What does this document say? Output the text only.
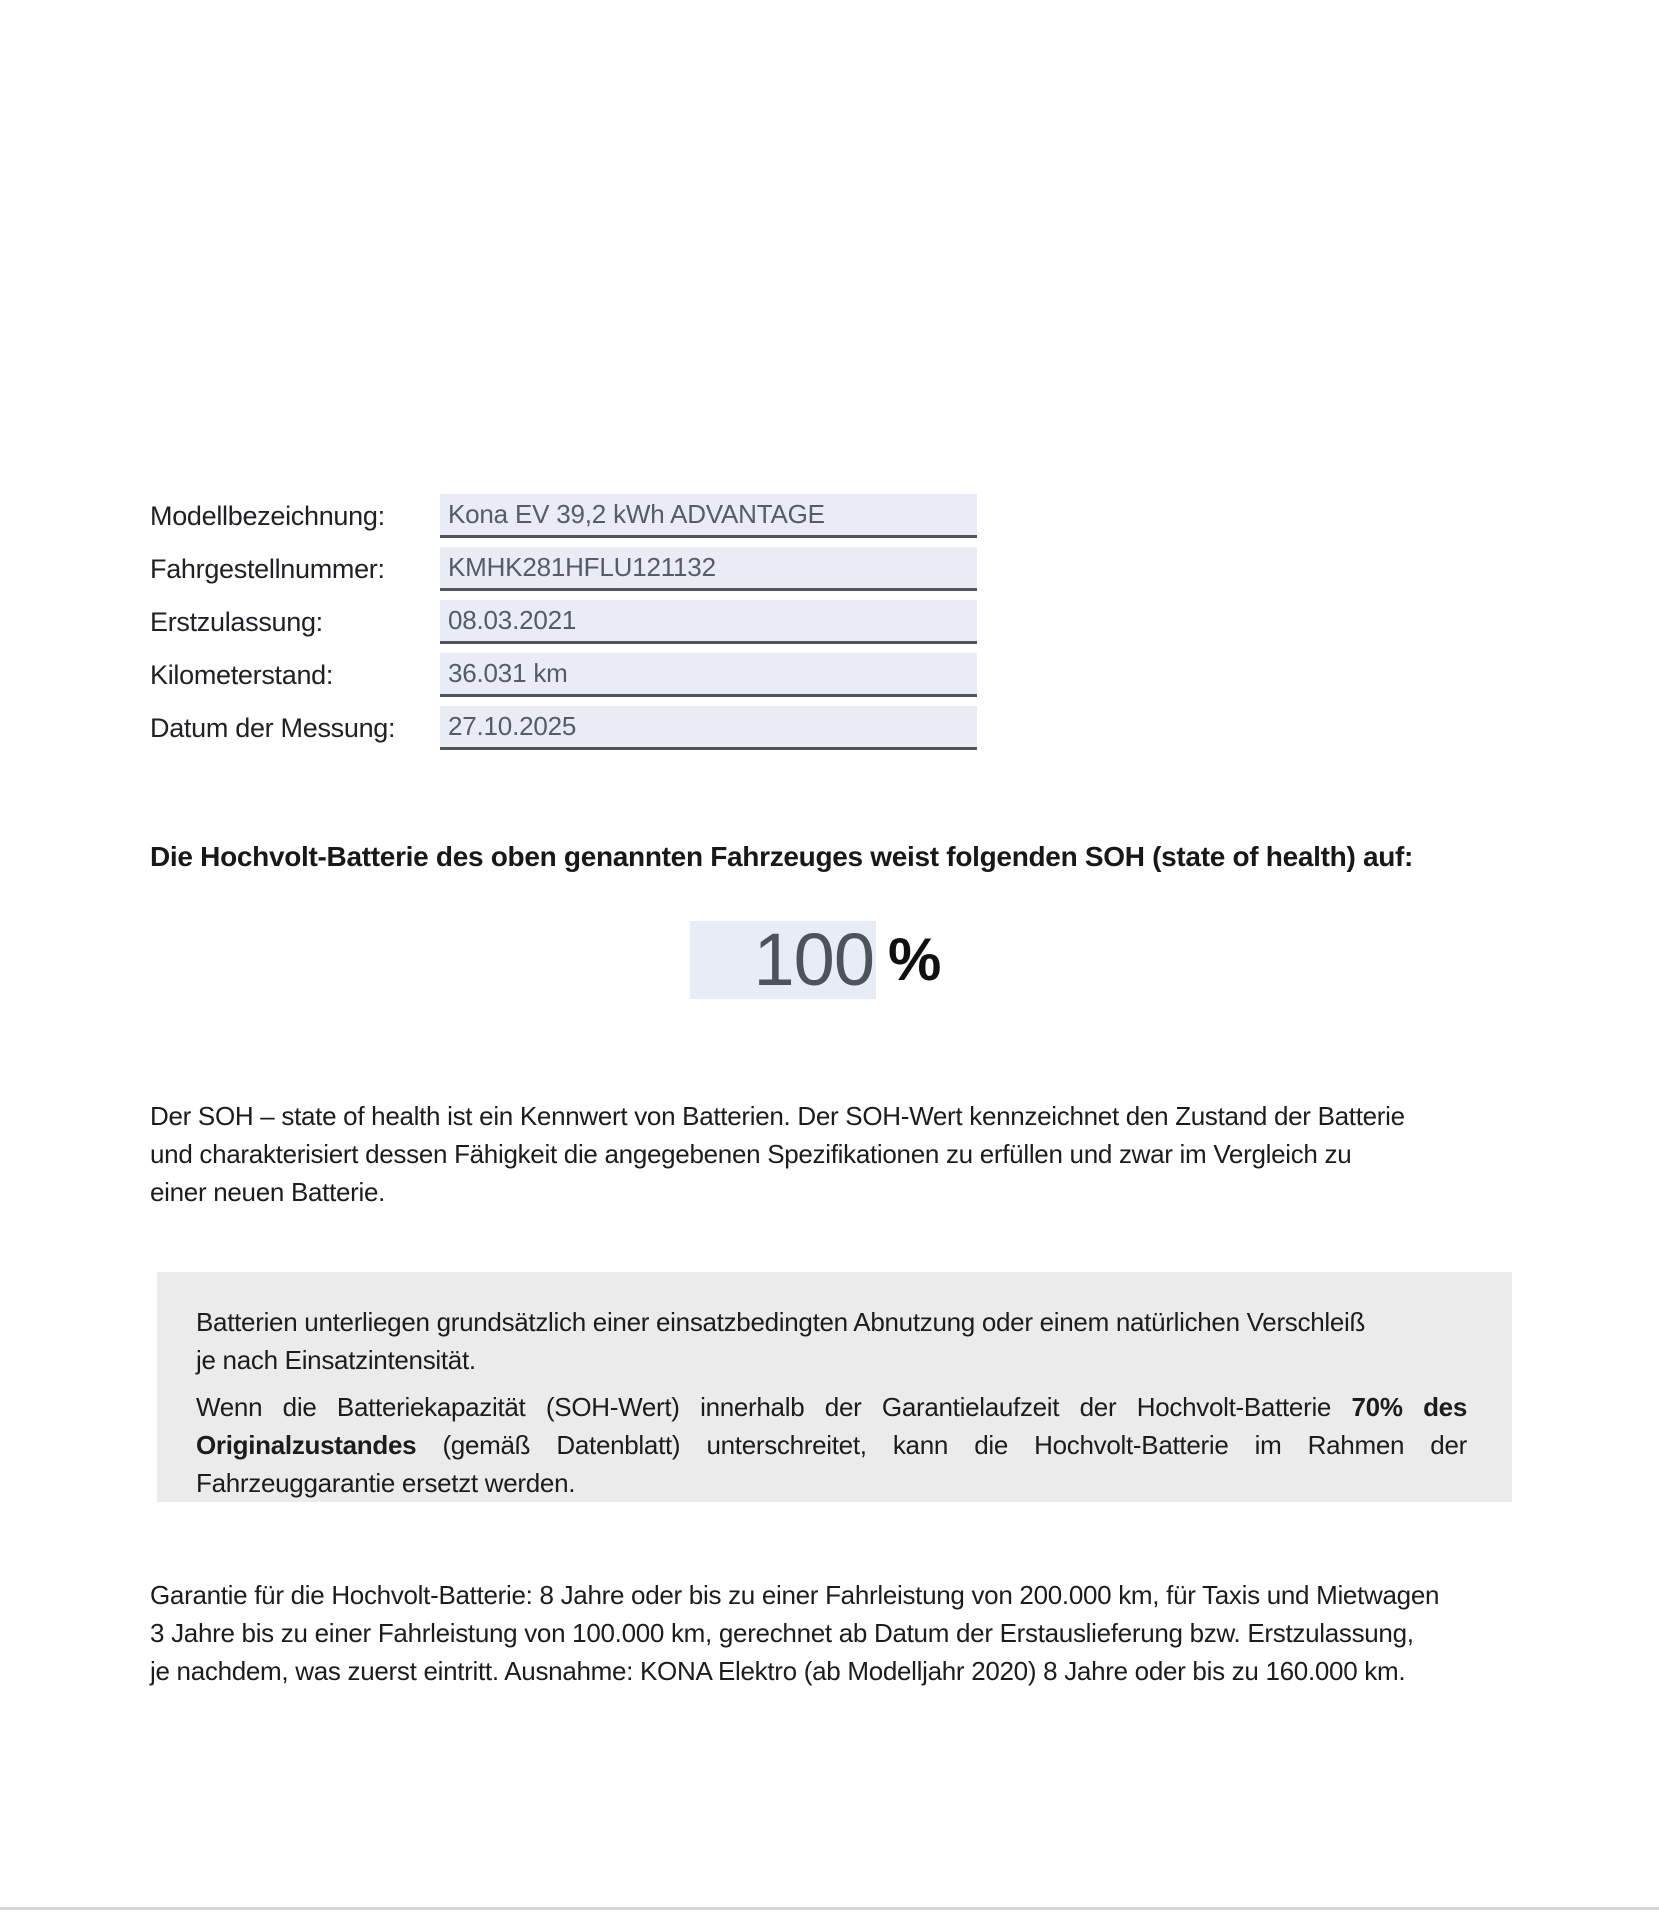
Modellbezeichnung:	Kona EV 39,2 kWh ADVANTAGE
Fahrgestellnummer:	KMHK281HFLU121132
Erstzulassung:	08.03.2021
Kilometerstand:	36.031 km
Datum der Messung:	27.10.2025
Die Hochvolt-Batterie des oben genannten Fahrzeuges weist folgenden SOH (state of health) auf:
100 %
Der SOH – state of health ist ein Kennwert von Batterien. Der SOH-Wert kennzeichnet den Zustand der Batterie
und charakterisiert dessen Fähigkeit die angegebenen Spezifikationen zu erfüllen und zwar im Vergleich zu
einer neuen Batterie.
Batterien unterliegen grundsätzlich einer einsatzbedingten Abnutzung oder einem natürlichen Verschleiß
je nach Einsatzintensität.
Wenn die Batteriekapazität (SOH-Wert) innerhalb der Garantielaufzeit der Hochvolt-Batterie 70% des Originalzustandes (gemäß Datenblatt) unterschreitet, kann die Hochvolt-Batterie im Rahmen der Fahrzeuggarantie ersetzt werden.
Garantie für die Hochvolt-Batterie: 8 Jahre oder bis zu einer Fahrleistung von 200.000 km, für Taxis und Mietwagen
3 Jahre bis zu einer Fahrleistung von 100.000 km, gerechnet ab Datum der Erstauslieferung bzw. Erstzulassung,
je nachdem, was zuerst eintritt. Ausnahme: KONA Elektro (ab Modelljahr 2020) 8 Jahre oder bis zu 160.000 km.
